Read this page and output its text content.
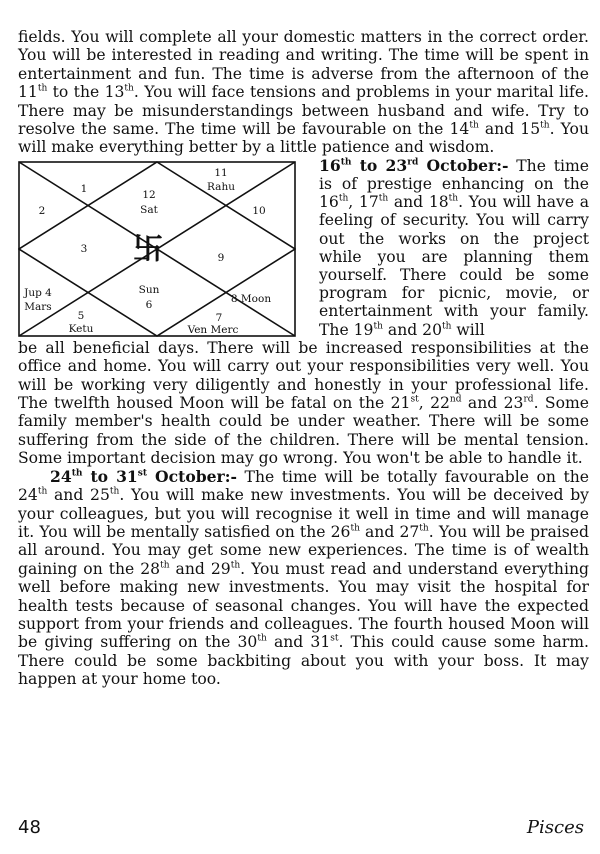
fields. You will complete all your domestic matters in the correct order. You will be interested in reading and writing. The time will be spent in entertainment and fun. The time is adverse from the afternoon of the 11th to the 13th. You will face tensions and problems in your marital life. There may be misunderstandings between husband and wife. Try to resolve the same. The time will be favourable on the 14th and 15th. You will make everything better by a little patience and wisdom.

1
2
3
Jup 4
Mars
5
Ketu
Sun
6
7
Ven Merc
8 Moon
9
10
11
Rahu
12
Sat
卐

16th to 23rd October:- The time is of prestige enhancing on the 16th, 17th and 18th. You will have a feeling of security. You will carry out the works on the project while you are planning them yourself. There could be some program for picnic, movie, or entertainment with your family. The 19th and 20th will

be all beneficial days. There will be increased responsibilities at the office and home. You will carry out your responsibilities very well. You will be working very diligently and honestly in your professional life. The twelfth housed Moon will be fatal on the 21st, 22nd and 23rd. Some family member's health could be under weather. There will be some suffering from the side of the children. There will be mental tension. Some important decision may go wrong. You won't be able to handle it.

24th to 31st October:- The time will be totally favourable on the 24th and 25th. You will make new investments. You will be deceived by your colleagues, but you will recognise it well in time and will manage it. You will be mentally satisfied on the 26th and 27th. You will be praised all around. You may get some new experiences. The time is of wealth gaining on the 28th and 29th. You must read and understand everything well before making new investments. You may visit the hospital for health tests because of seasonal changes. You will have the expected support from your friends and colleagues. The fourth housed Moon will be giving suffering on the 30th and 31st. This could cause some harm. There could be some backbiting about you with your boss. It may happen at your home too.

48	Pisces
